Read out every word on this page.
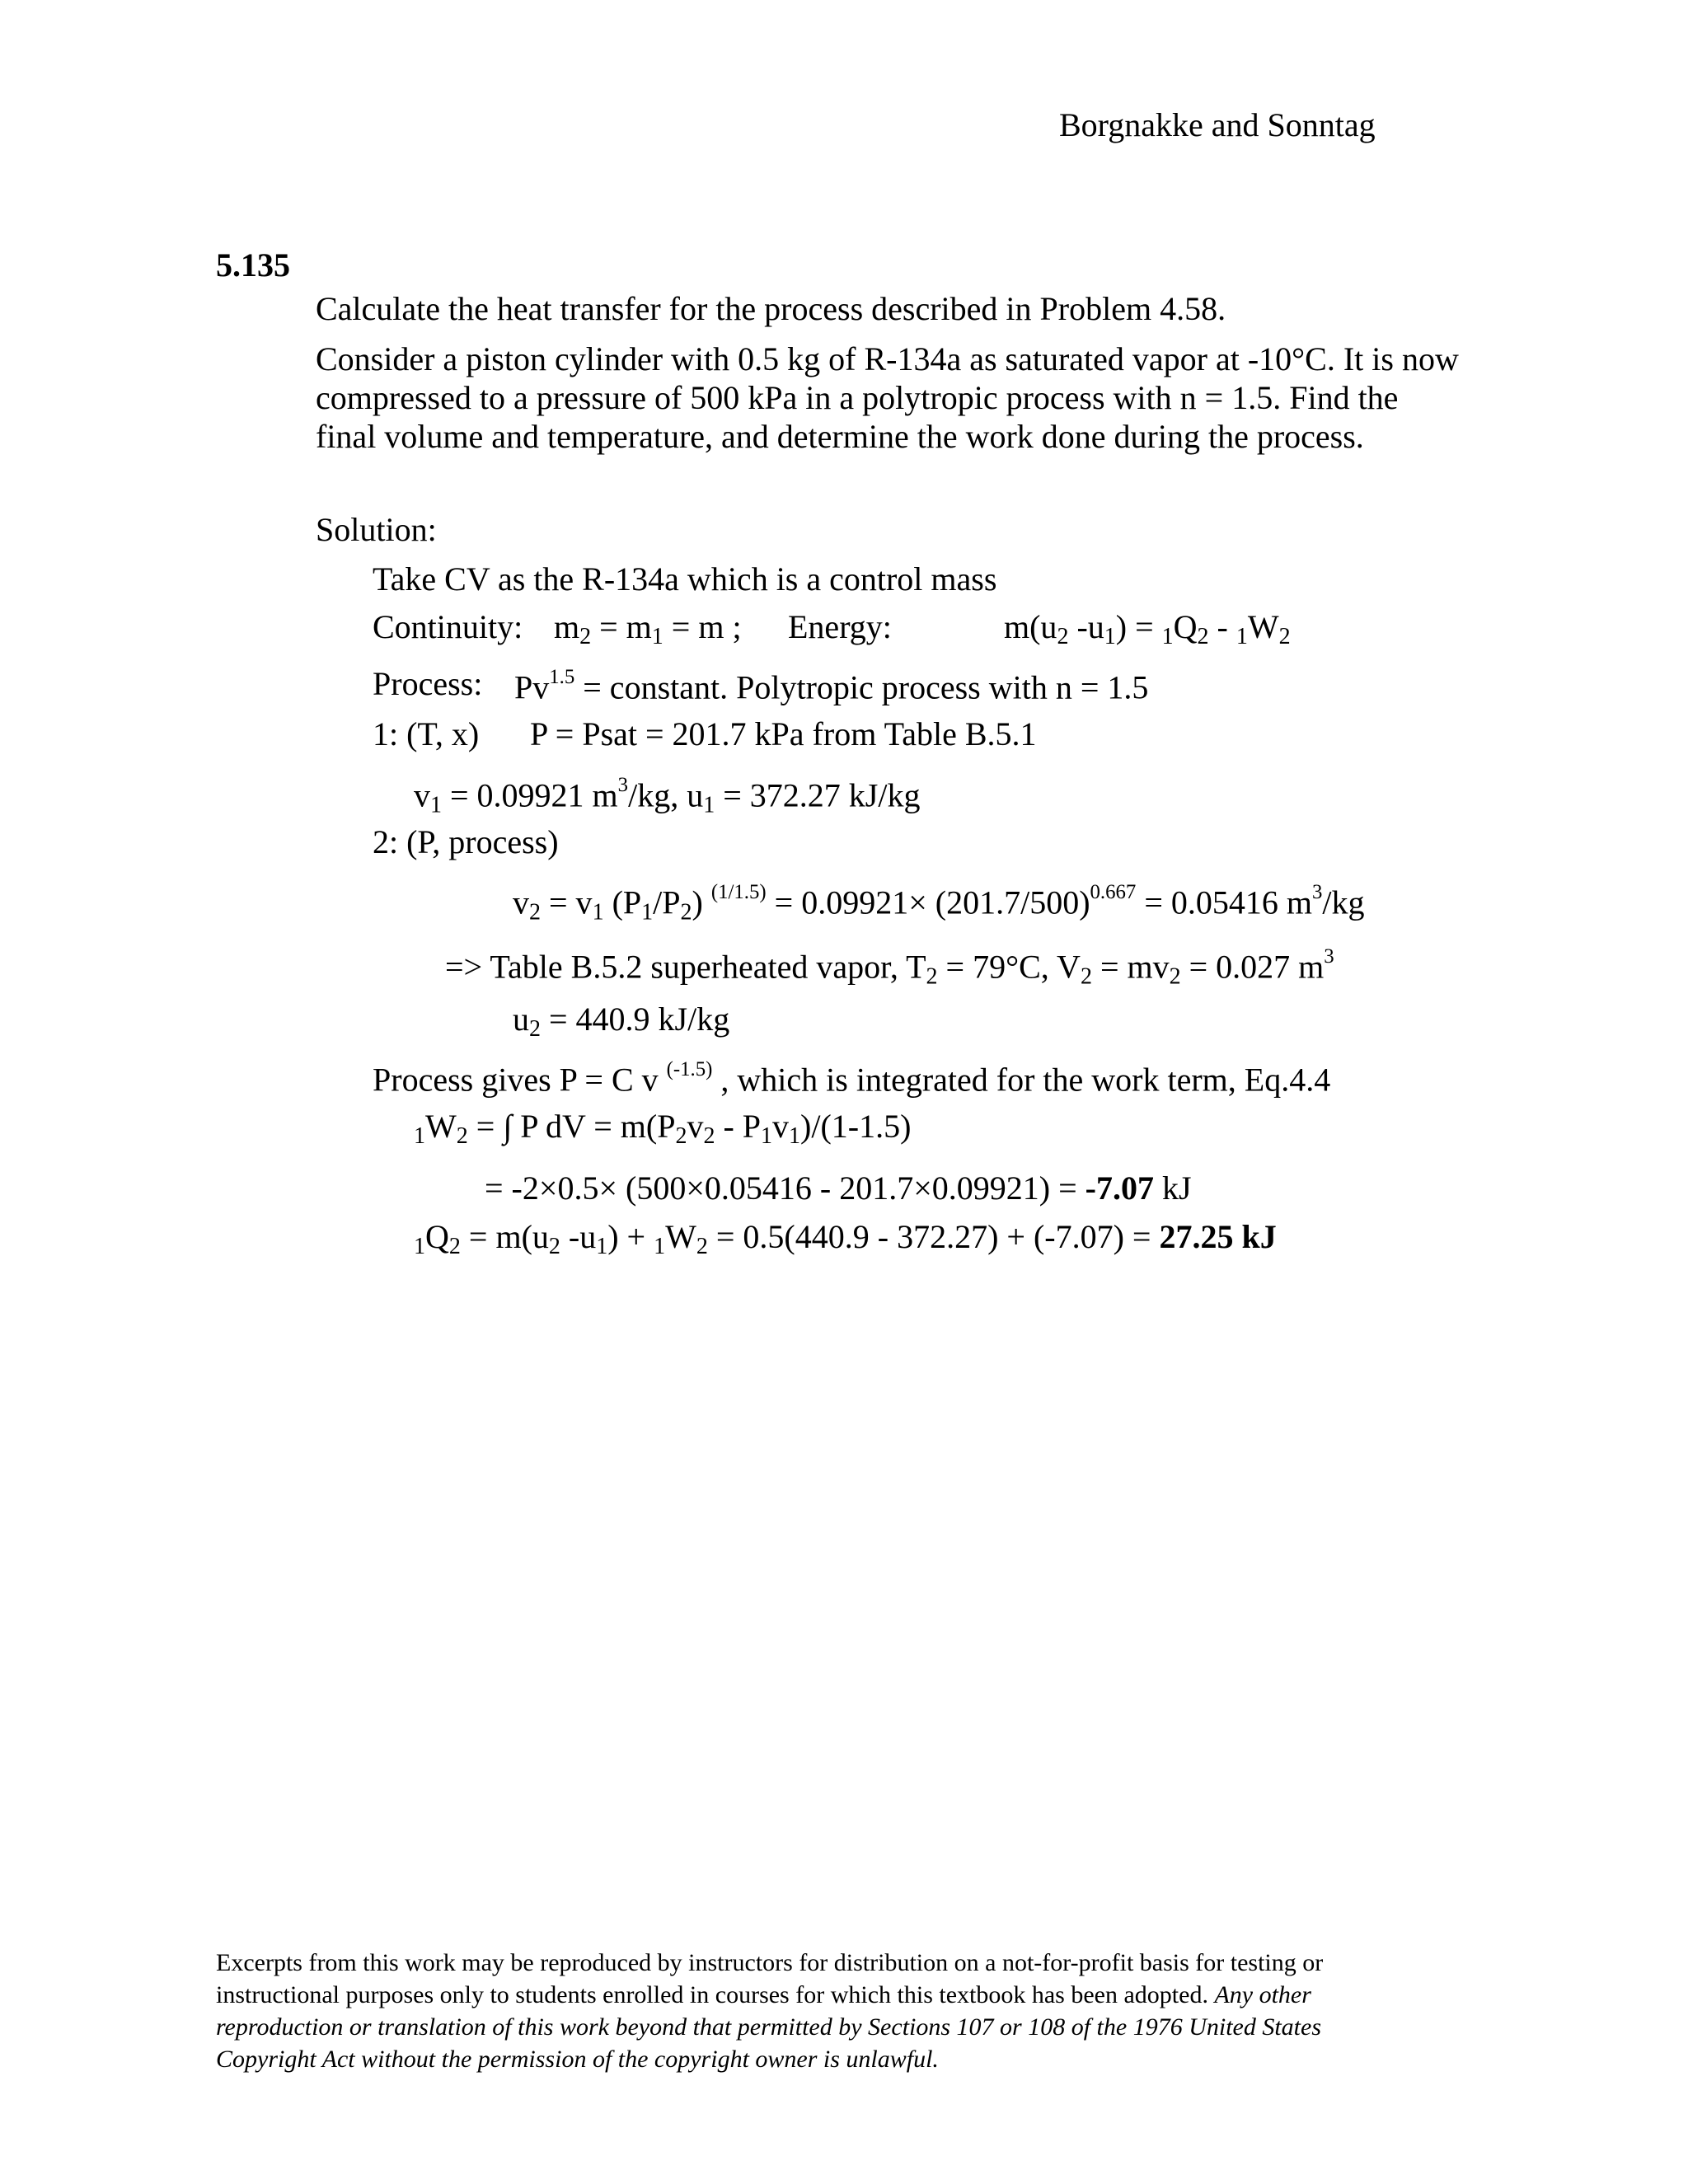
Borgnakke and Sonntag
5.135
Calculate the heat transfer for the process described in Problem 4.58.
Consider a piston cylinder with 0.5 kg of R-134a as saturated vapor at -10°C. It is now
compressed to a pressure of 500 kPa in a polytropic process with n = 1.5. Find the
final volume and temperature, and determine the work done during the process.
Solution:
Take CV as the R-134a which is a control mass
Continuity: $m_2 = m_1 = m$ ; Energy:	$m(u_2$ $-u_1) = _1Q_2 - _1W_2$
Process: $Pv^{1.5}$ = constant. Polytropic process with n = 1.5
1: (T, x) P = Psat = 201.7 kPa from Table B.5.1
$v_1 = 0.09921$ $m^3/kg$, $u_1 = 372.27$ kJ/kg
2: (P, process)
$v_2 = v_1$ $(P_1/P_2) ^{(1/1.5)} = 0.09921\times (201.7/500)^{0.667} = 0.05416$ $m^3/kg$
=> Table B.5.2 superheated vapor, $T_2 = 79^\circ C$, $V_2 = mv_2 = 0.027$ $m^3$
$u_2 = 440.9$ kJ/kg
Process gives P = C v $^{(-1.5)}$ , which is integrated for the work term, Eq.4.4
$_1W_2$ = ∫ P dV = $m(P_2v_2 - P_1v_1)/(1-1.5)$
= -2×0.5× (500×0.05416 - 201.7×0.09921) = -7.07 kJ
$_1Q_2 = m(u_2$ $-u_1) + _1W_2 = 0.5(440.9 - 372.27) + (-7.07) = 27.25$ kJ
Excerpts from this work may be reproduced by instructors for distribution on a not-for-profit basis for testing or
instructional purposes only to students enrolled in courses for which this textbook has been adopted. Any other
reproduction or translation of this work beyond that permitted by Sections 107 or 108 of the 1976 United States
Copyright Act without the permission of the copyright owner is unlawful.
